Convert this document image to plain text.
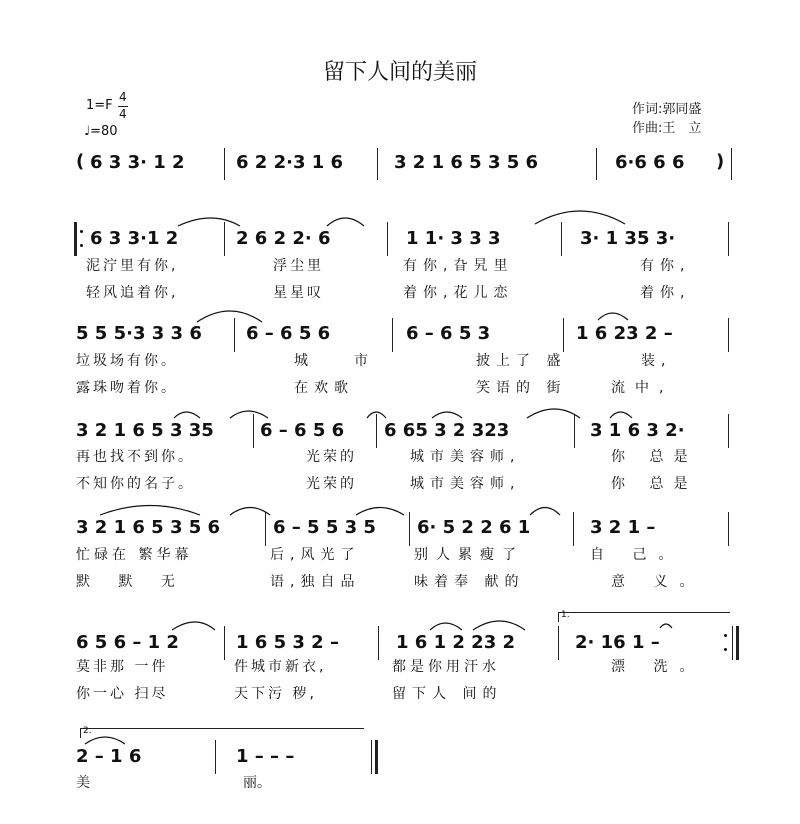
留下人间的美丽
1=F
4
4
♩=80
作词:郭同盛
作曲:王　立
( 6 3 3· 1 2	6 2 2·3 1 6	3 2 1 6 5 3 5 6	6·6 6 6 )
6 3 3·1 2	2 6 2 2· 6	1 1· 3 3 3	3· 1 35 3·
泥泞里有你,	浮尘里	有你,旮旯里	有你,
轻风追着你,	星星叹	着你,花儿恋	着你,
5 5 5·3 3 3 6 6 – 6 5 6	6 – 6 5 3	1 6 23 2 –
垃圾场有你。	城　市	披上了 盛	装,
露珠吻着你。	在欢歌	笑语的 街	流中,
3 2 1 6 5 3 35	6 – 6 5 6 6 65 3 2 323	3 1 6 3 2·
再也找不到你。	光荣的	城市美容师,	你 总是
不知你的名子。	光荣的	城市美容师,	你 总是
3 2 1 6 5 3 5 6	6 – 5 5 3 5 6· 5 2 2 6 1	3 2 1 –
忙碌在 繁华幕	后,风光了	别人累瘦了	自 己。
默 默 无	语,独自品	味着奉 献的	意 义。
6 5 6 – 1 2	1 6 5 3 2 –	1 6 1 2 23 2	2· 16 1 –
1.
莫非那 一件	件城市新衣,	都是你用汗水	漂 洗。
你一心 扫尽	天下污 秽,	留下人 间的
2.
2 – 1 6	1 – – –
美	丽。
